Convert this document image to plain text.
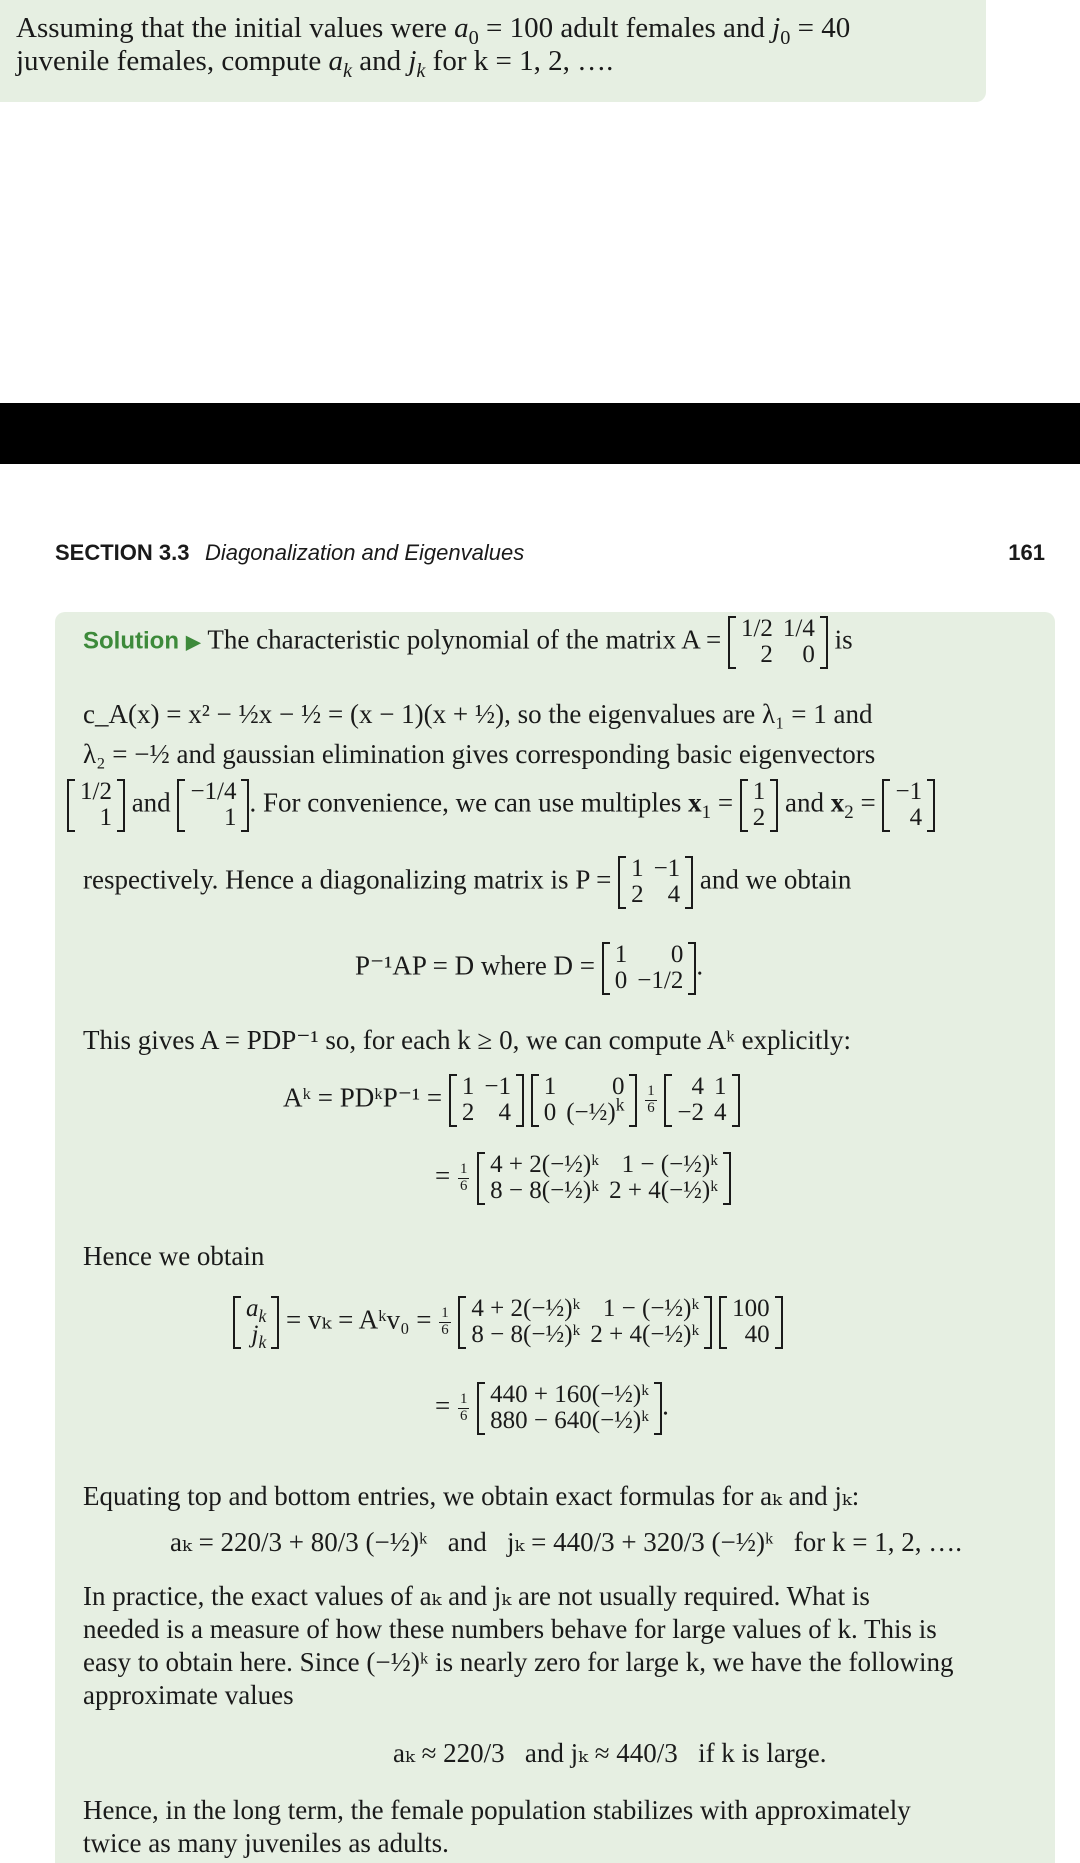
Assuming that the initial values were $a_0 = 100$ adult females and $j_0 = 40$
juvenile females, compute $a_k$ and $j_k$ for k = 1, 2, ….
SECTION 3.3 Diagonalization and Eigenvalues	161
Solution ▶ The characteristic polynomial of the matrix A = 1/2	1/4
2	0
is
c_A(x) = x² − ½x − ½ = (x − 1)(x + ½), so the eigenvalues are λ₁ = 1 and
λ₂ = −½ and gaussian elimination gives corresponding basic eigenvectors
1/2
1
and −1/4
1
. For convenience, we can use multiples $x_1 = 1$
2
and $x_2 = -1$
4
respectively. Hence a diagonalizing matrix is P = 1	−1
2	4
and we obtain
P⁻¹AP = D where D = 1	0
0	−1/2
.
This gives A = PDP⁻¹ so, for each k ≥ 0, we can compute Aᵏ explicitly:
Aᵏ = PDᵏP⁻¹ = 1	−1
2	4

1	0
0	(−½)$^k$
$\frac{1}{6}$
4	1
−2	4
= $\frac{1}{6}$
4 + 2(−½)ᵏ	1 − (−½)ᵏ
8 − 8(−½)ᵏ	2 + 4(−½)ᵏ
Hence we obtain
$a_k$
$j_k$
= vₖ = Aᵏv₀ = $\frac{1}{6}$
4 + 2(−½)ᵏ	1 − (−½)ᵏ
8 − 8(−½)ᵏ	2 + 4(−½)ᵏ

100
40
= $\frac{1}{6}$
440 + 160(−½)ᵏ
880 − 640(−½)ᵏ
.
Equating top and bottom entries, we obtain exact formulas for aₖ and jₖ:
aₖ = 220/3 + 80/3 (−½)ᵏ and jₖ = 440/3 + 320/3 (−½)ᵏ for k = 1, 2, ….
In practice, the exact values of aₖ and jₖ are not usually required. What is
needed is a measure of how these numbers behave for large values of k. This is
easy to obtain here. Since (−½)ᵏ is nearly zero for large k, we have the following
approximate values
aₖ ≈ 220/3 and jₖ ≈ 440/3 if k is large.
Hence, in the long term, the female population stabilizes with approximately
twice as many juveniles as adults.
